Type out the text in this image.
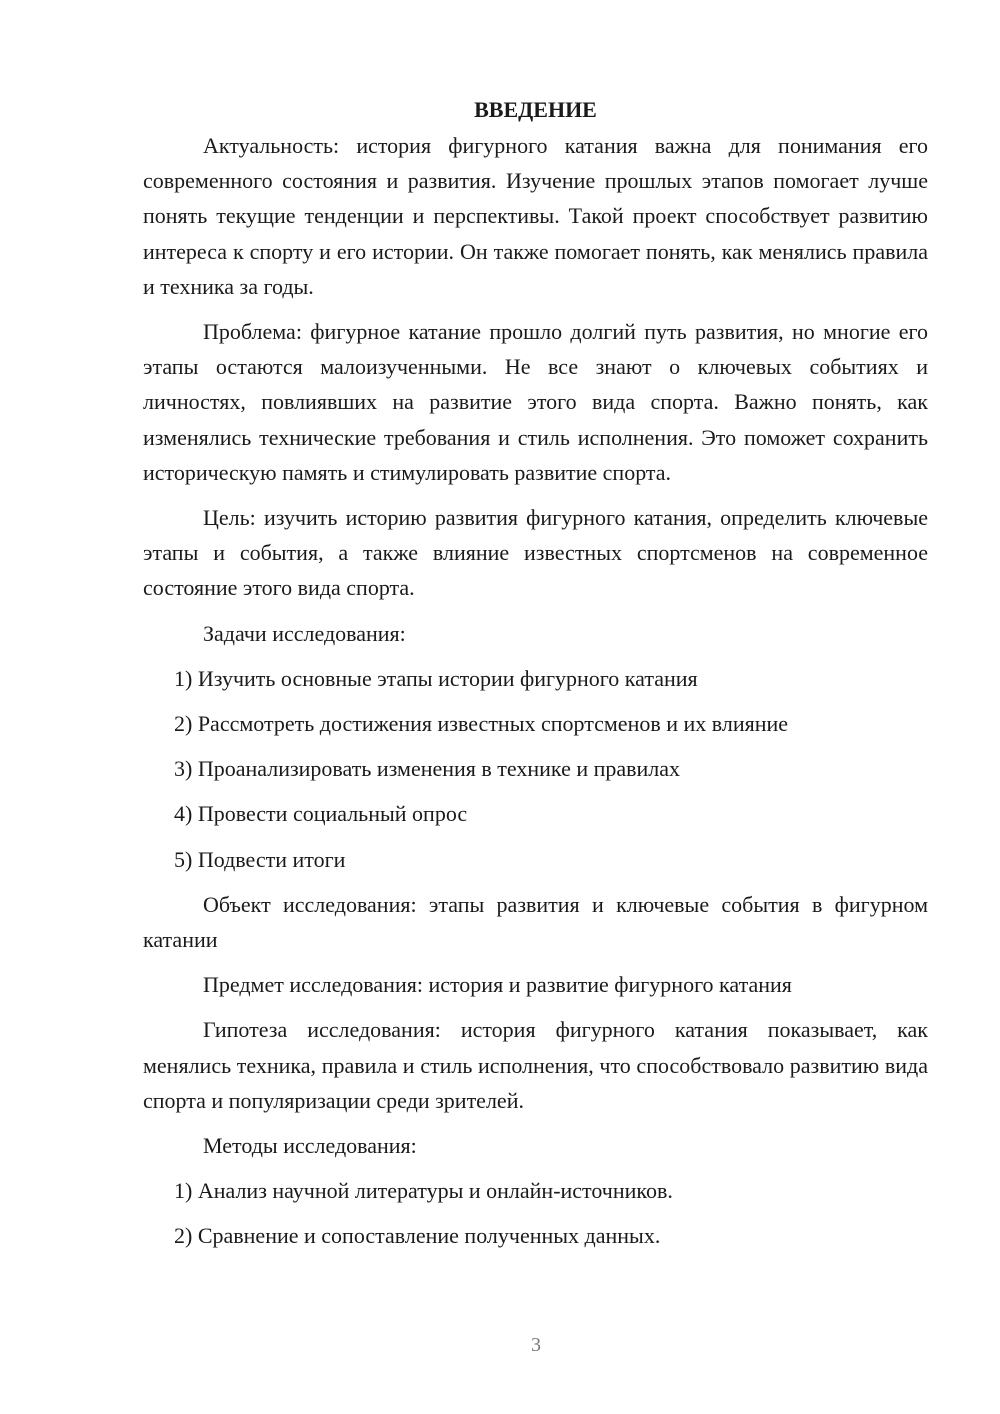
ВВЕДЕНИЕ

Актуальность: история фигурного катания важна для понимания его современного состояния и развития. Изучение прошлых этапов помогает лучше понять текущие тенденции и перспективы. Такой проект способствует развитию интереса к спорту и его истории. Он также помогает понять, как менялись правила и техника за годы.

Проблема: фигурное катание прошло долгий путь развития, но многие его этапы остаются малоизученными. Не все знают о ключевых событиях и личностях, повлиявших на развитие этого вида спорта. Важно понять, как изменялись технические требования и стиль исполнения. Это поможет сохранить историческую память и стимулировать развитие спорта.

Цель: изучить историю развития фигурного катания, определить ключевые этапы и события, а также влияние известных спортсменов на современное состояние этого вида спорта.

Задачи исследования:

1) Изучить основные этапы истории фигурного катания

2) Рассмотреть достижения известных спортсменов и их влияние

3) Проанализировать изменения в технике и правилах

4) Провести социальный опрос

5) Подвести итоги

Объект исследования: этапы развития и ключевые события в фигурном катании

Предмет исследования: история и развитие фигурного катания

Гипотеза исследования: история фигурного катания показывает, как менялись техника, правила и стиль исполнения, что способствовало развитию вида спорта и популяризации среди зрителей.

Методы исследования:

1) Анализ научной литературы и онлайн-источников.

2) Сравнение и сопоставление полученных данных.

3
